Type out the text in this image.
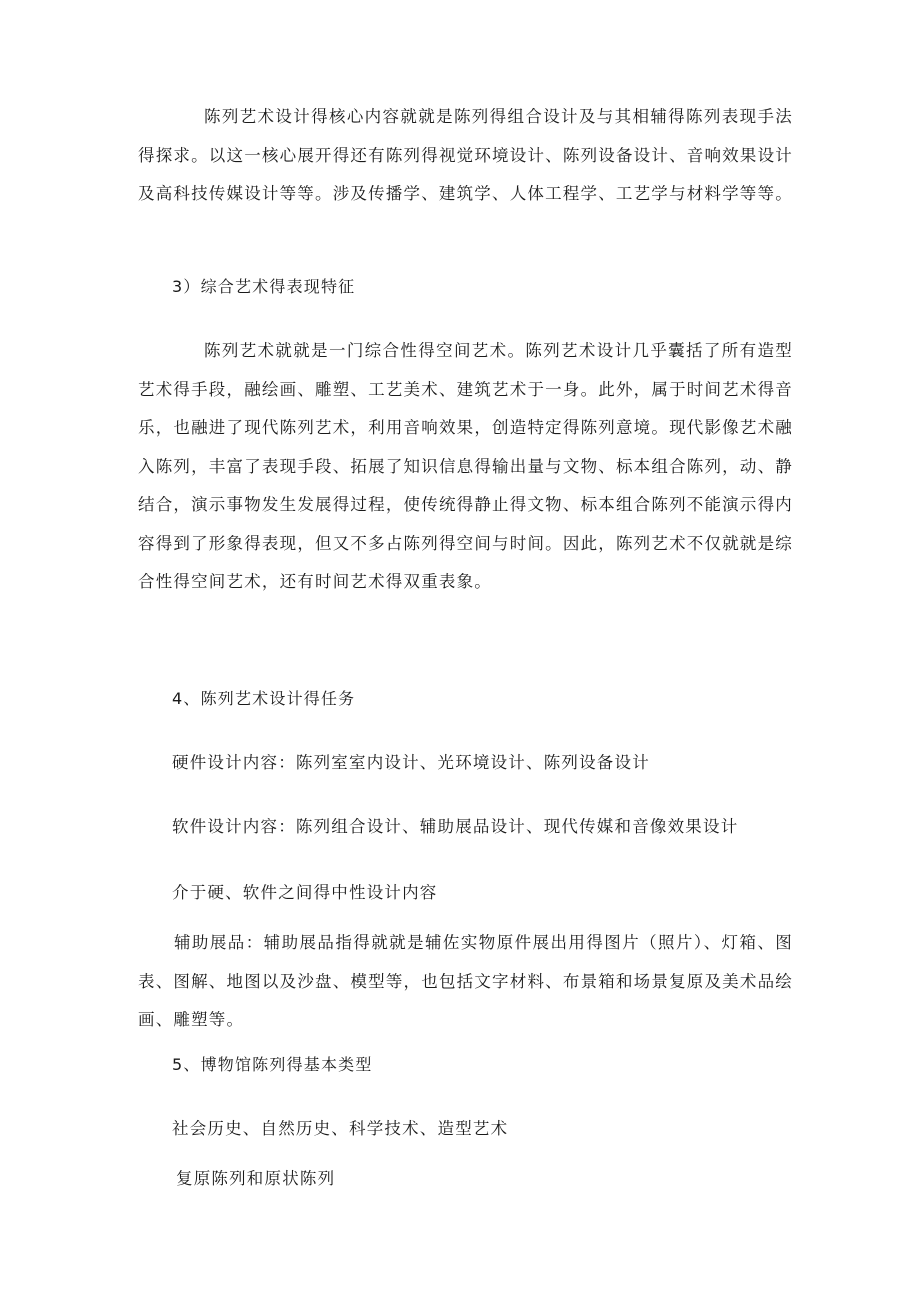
陈列艺术设计得核心内容就就是陈列得组合设计及与其相辅得陈列表现手法得探求。以这一核心展开得还有陈列得视觉环境设计、陈列设备设计、音响效果设计及高科技传媒设计等等。涉及传播学、建筑学、人体工程学、工艺学与材料学等等。

3）综合艺术得表现特征

陈列艺术就就是一门综合性得空间艺术。陈列艺术设计几乎囊括了所有造型艺术得手段，融绘画、雕塑、工艺美术、建筑艺术于一身。此外，属于时间艺术得音乐，也融进了现代陈列艺术，利用音响效果，创造特定得陈列意境。现代影像艺术融入陈列，丰富了表现手段、拓展了知识信息得输出量与文物、标本组合陈列，动、静结合，演示事物发生发展得过程，使传统得静止得文物、标本组合陈列不能演示得内容得到了形象得表现，但又不多占陈列得空间与时间。因此，陈列艺术不仅就就是综合性得空间艺术，还有时间艺术得双重表象。

4、陈列艺术设计得任务

硬件设计内容：陈列室室内设计、光环境设计、陈列设备设计

软件设计内容：陈列组合设计、辅助展品设计、现代传媒和音像效果设计

介于硬、软件之间得中性设计内容

辅助展品：辅助展品指得就就是辅佐实物原件展出用得图片（照片）、灯箱、图表、图解、地图以及沙盘、模型等，也包括文字材料、布景箱和场景复原及美术品绘画、雕塑等。

5、博物馆陈列得基本类型

社会历史、自然历史、科学技术、造型艺术

复原陈列和原状陈列
